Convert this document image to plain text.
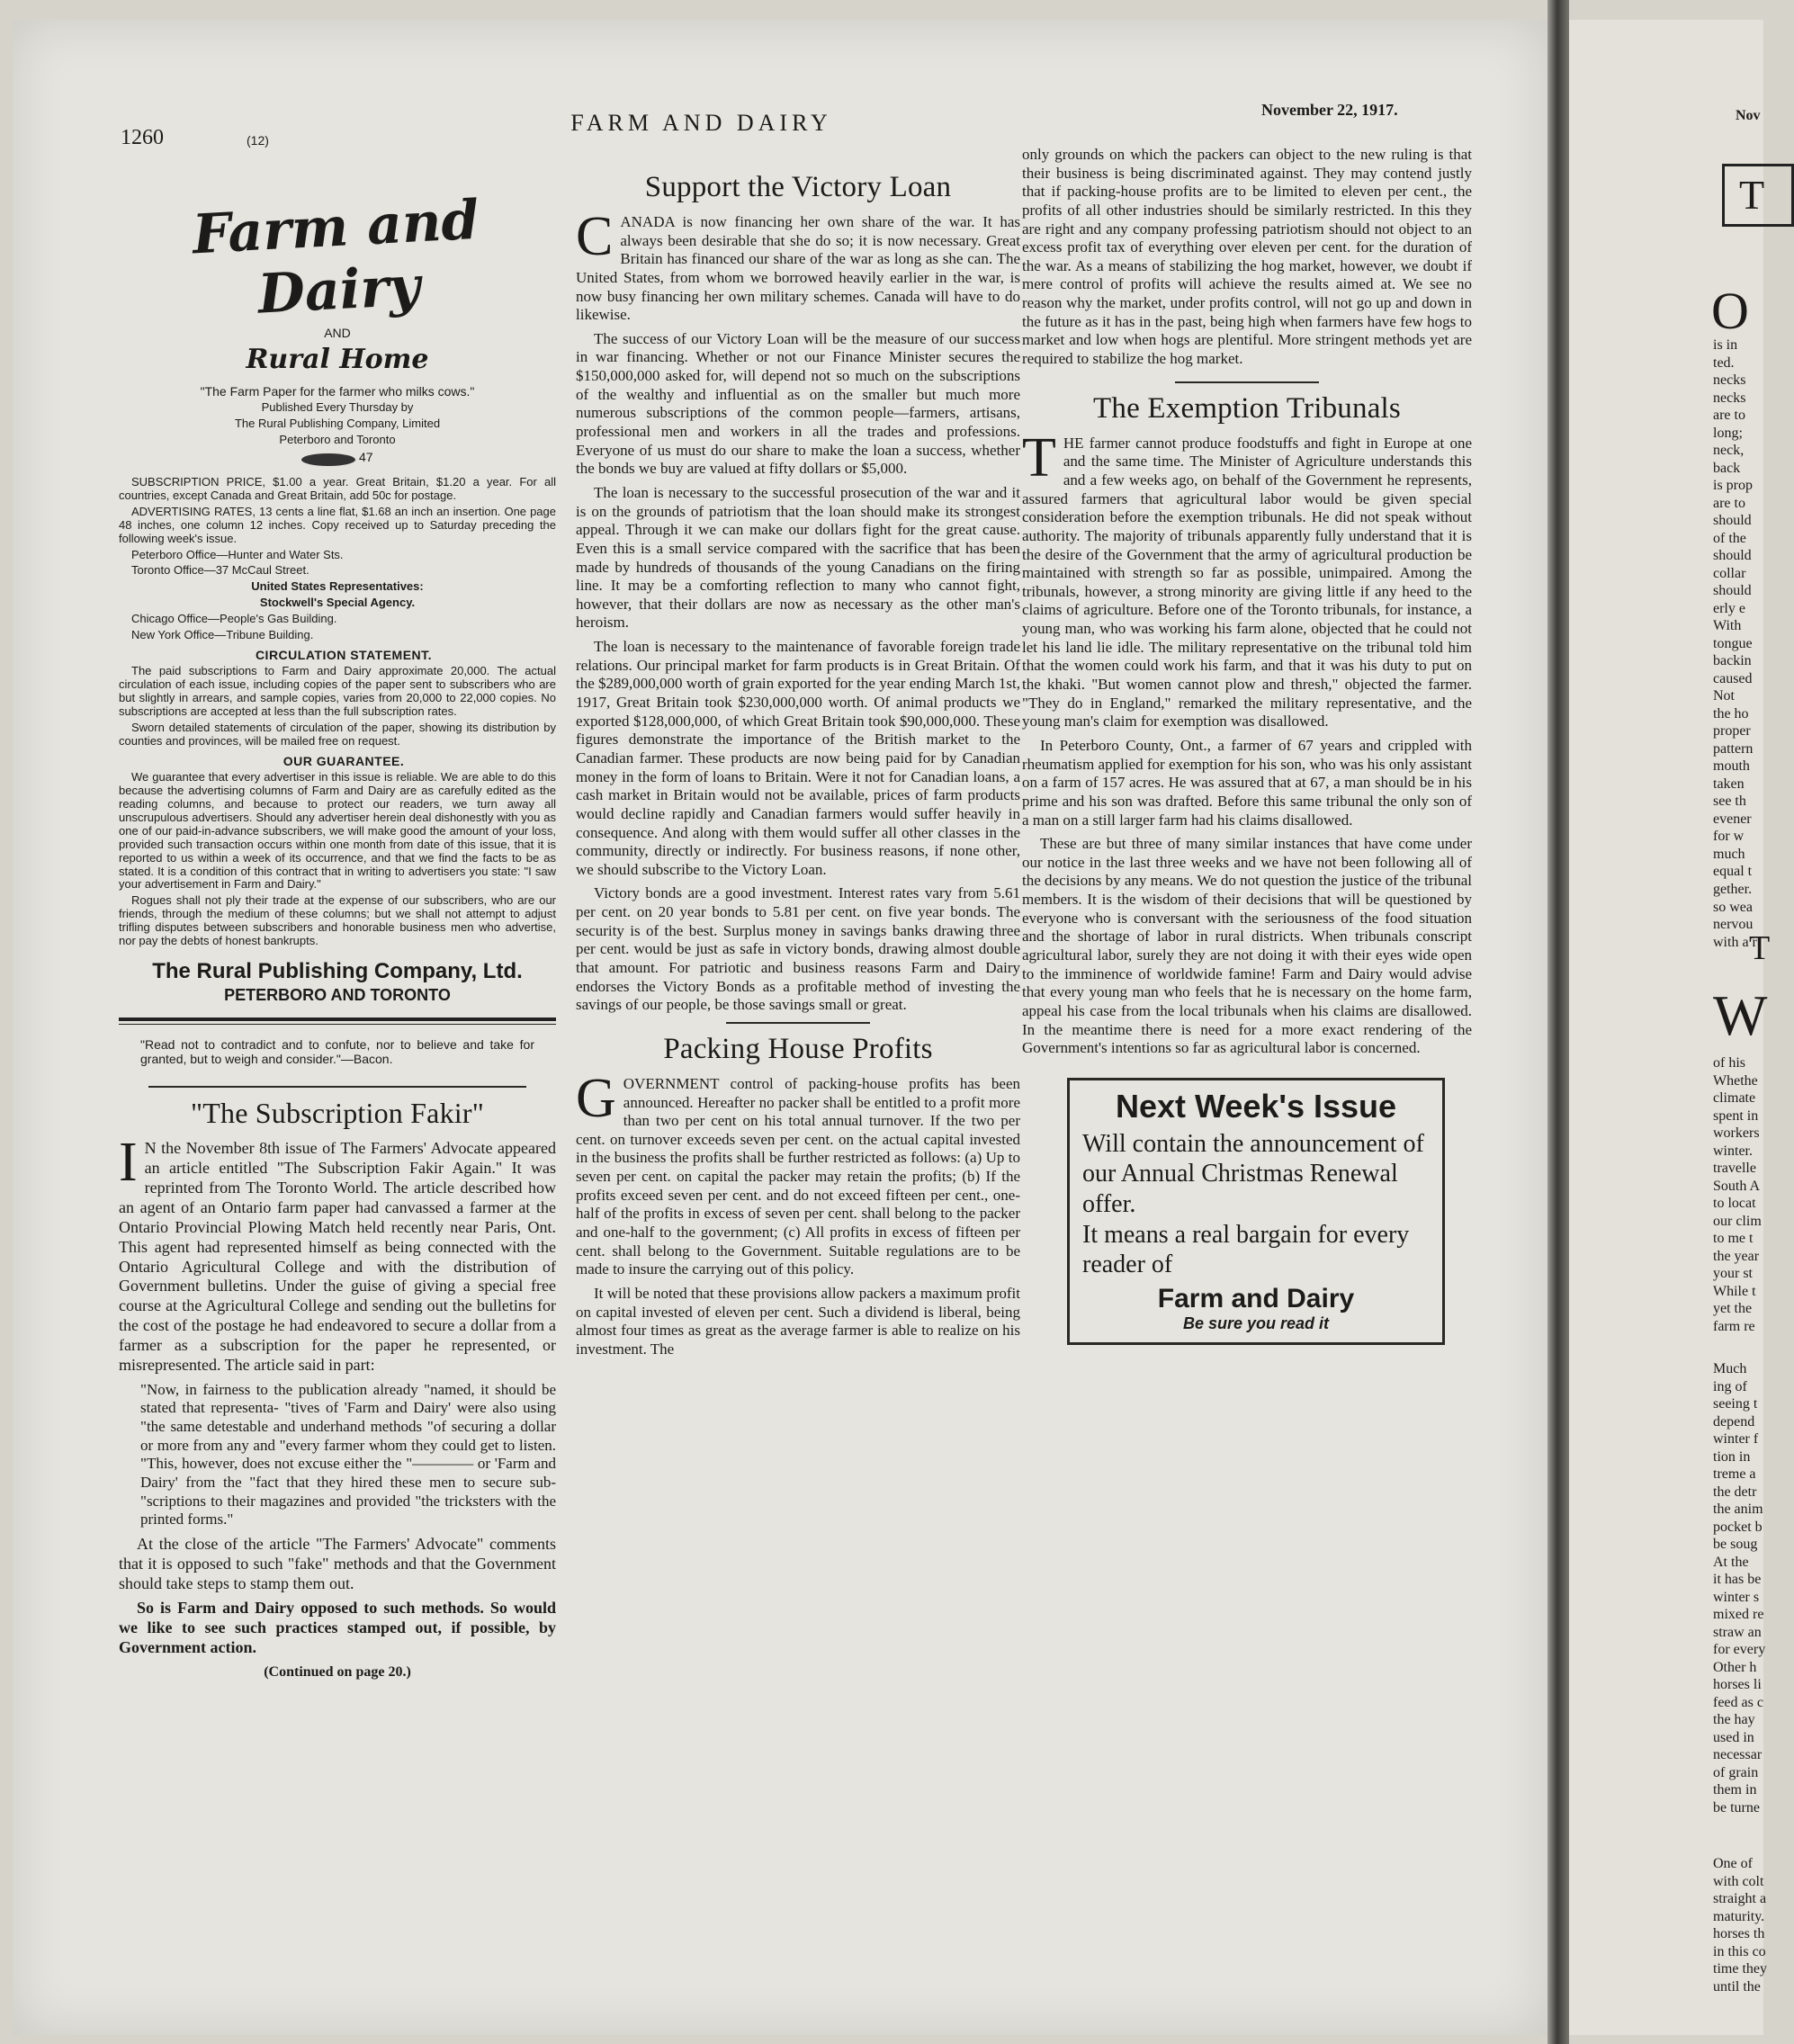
1260	(12)
FARM AND DAIRY	November 22, 1917.
Farm and Dairy
AND
Rural Home

"The Farm Paper for the farmer who milks cows."

Published Every Thursday by

The Rural Publishing Company, Limited

Peterboro and Toronto

47

SUBSCRIPTION PRICE, $1.00 a year. Great Britain, $1.20 a year. For all countries, except Canada and Great Britain, add 50c for postage.

ADVERTISING RATES, 13 cents a line flat, $1.68 an inch an insertion. One page 48 inches, one column 12 inches. Copy received up to Saturday preceding the following week's issue.

Peterboro Office—Hunter and Water Sts.

Toronto Office—37 McCaul Street.

United States Representatives:

Stockwell's Special Agency.

Chicago Office—People's Gas Building.

New York Office—Tribune Building.

CIRCULATION STATEMENT.

The paid subscriptions to Farm and Dairy approximate 20,000. The actual circulation of each issue, including copies of the paper sent to subscribers who are but slightly in arrears, and sample copies, varies from 20,000 to 22,000 copies. No subscriptions are accepted at less than the full subscription rates.

Sworn detailed statements of circulation of the paper, showing its distribution by counties and provinces, will be mailed free on request.

OUR GUARANTEE.

We guarantee that every advertiser in this issue is reliable. We are able to do this because the advertising columns of Farm and Dairy are as carefully edited as the reading columns, and because to protect our readers, we turn away all unscrupulous advertisers. Should any advertiser herein deal dishonestly with you as one of our paid-in-advance subscribers, we will make good the amount of your loss, provided such transaction occurs within one month from date of this issue, that it is reported to us within a week of its occurrence, and that we find the facts to be as stated. It is a condition of this contract that in writing to advertisers you state: "I saw your advertisement in Farm and Dairy."

Rogues shall not ply their trade at the expense of our subscribers, who are our friends, through the medium of these columns; but we shall not attempt to adjust trifling disputes between subscribers and honorable business men who advertise, nor pay the debts of honest bankrupts.

The Rural Publishing Company, Ltd.
PETERBORO AND TORONTO
"Read not to contradict and to confute, nor to believe and take for granted, but to weigh and consider."—Bacon.
"The Subscription Fakir"

I N the November 8th issue of The Farmers' Advocate appeared an article entitled "The Subscription Fakir Again." It was reprinted from The Toronto World. The article described how an agent of an Ontario farm paper had canvassed a farmer at the Ontario Provincial Plowing Match held recently near Paris, Ont. This agent had represented himself as being connected with the Ontario Agricultural College and with the distribution of Government bulletins. Under the guise of giving a special free course at the Agricultural College and sending out the bulletins for the cost of the postage he had endeavored to secure a dollar from a farmer as a subscription for the paper he represented, or misrepresented. The article said in part:

"Now, in fairness to the publication already "named, it should be stated that representa- "tives of 'Farm and Dairy' were also using "the same detestable and underhand methods "of securing a dollar or more from any and "every farmer whom they could get to listen. "This, however, does not excuse either the "———— or 'Farm and Dairy' from the "fact that they hired these men to secure sub- "scriptions to their magazines and provided "the tricksters with the printed forms."

At the close of the article "The Farmers' Advocate" comments that it is opposed to such "fake" methods and that the Government should take steps to stamp them out.

So is Farm and Dairy opposed to such methods. So would we like to see such practices stamped out, if possible, by Government action.

(Continued on page 20.)

Support the Victory Loan

CANADA is now financing her own share of the war. It has always been desirable that she do so; it is now necessary. Great Britain has financed our share of the war as long as she can. The United States, from whom we borrowed heavily earlier in the war, is now busy financing her own military schemes. Canada will have to do likewise.

The success of our Victory Loan will be the measure of our success in war financing. Whether or not our Finance Minister secures the $150,000,000 asked for, will depend not so much on the subscriptions of the wealthy and influential as on the smaller but much more numerous subscriptions of the common people—farmers, artisans, professional men and workers in all the trades and professions. Everyone of us must do our share to make the loan a success, whether the bonds we buy are valued at fifty dollars or $5,000.

The loan is necessary to the successful prosecution of the war and it is on the grounds of patriotism that the loan should make its strongest appeal. Through it we can make our dollars fight for the great cause. Even this is a small service compared with the sacrifice that has been made by hundreds of thousands of the young Canadians on the firing line. It may be a comforting reflection to many who cannot fight, however, that their dollars are now as necessary as the other man's heroism.

The loan is necessary to the maintenance of favorable foreign trade relations. Our principal market for farm products is in Great Britain. Of the $289,000,000 worth of grain exported for the year ending March 1st, 1917, Great Britain took $230,000,000 worth. Of animal products we exported $128,000,000, of which Great Britain took $90,000,000. These figures demonstrate the importance of the British market to the Canadian farmer. These products are now being paid for by Canadian money in the form of loans to Britain. Were it not for Canadian loans, a cash market in Britain would not be available, prices of farm products would decline rapidly and Canadian farmers would suffer heavily in consequence. And along with them would suffer all other classes in the community, directly or indirectly. For business reasons, if none other, we should subscribe to the Victory Loan.

Victory bonds are a good investment. Interest rates vary from 5.61 per cent. on 20 year bonds to 5.81 per cent. on five year bonds. The security is of the best. Surplus money in savings banks drawing three per cent. would be just as safe in victory bonds, drawing almost double that amount. For patriotic and business reasons Farm and Dairy endorses the Victory Bonds as a profitable method of investing the savings of our people, be those savings small or great.

Packing House Profits

GOVERNMENT control of packing-house profits has been announced. Hereafter no packer shall be entitled to a profit more than two per cent on his total annual turnover. If the two per cent. on turnover exceeds seven per cent. on the actual capital invested in the business the profits shall be further restricted as follows: (a) Up to seven per cent. on capital the packer may retain the profits; (b) If the profits exceed seven per cent. and do not exceed fifteen per cent., one-half of the profits in excess of seven per cent. shall belong to the packer and one-half to the government; (c) All profits in excess of fifteen per cent. shall belong to the Government. Suitable regulations are to be made to insure the carrying out of this policy.

It will be noted that these provisions allow packers a maximum profit on capital invested of eleven per cent. Such a dividend is liberal, being almost four times as great as the average farmer is able to realize on his investment. The

only grounds on which the packers can object to the new ruling is that their business is being discriminated against. They may contend justly that if packing-house profits are to be limited to eleven per cent., the profits of all other industries should be similarly restricted. In this they are right and any company professing patriotism should not object to an excess profit tax of everything over eleven per cent. for the duration of the war. As a means of stabilizing the hog market, however, we doubt if mere control of profits will achieve the results aimed at. We see no reason why the market, under profits control, will not go up and down in the future as it has in the past, being high when farmers have few hogs to market and low when hogs are plentiful. More stringent methods yet are required to stabilize the hog market.

The Exemption Tribunals

THE farmer cannot produce foodstuffs and fight in Europe at one and the same time. The Minister of Agriculture understands this and a few weeks ago, on behalf of the Government he represents, assured farmers that agricultural labor would be given special consideration before the exemption tribunals. He did not speak without authority. The majority of tribunals apparently fully understand that it is the desire of the Government that the army of agricultural production be maintained with strength so far as possible, unimpaired. Among the tribunals, however, a strong minority are giving little if any heed to the claims of agriculture. Before one of the Toronto tribunals, for instance, a young man, who was working his farm alone, objected that he could not let his land lie idle. The military representative on the tribunal told him that the women could work his farm, and that it was his duty to put on the khaki. "But women cannot plow and thresh," objected the farmer. "They do in England," remarked the military representative, and the young man's claim for exemption was disallowed.

In Peterboro County, Ont., a farmer of 67 years and crippled with rheumatism applied for exemption for his son, who was his only assistant on a farm of 157 acres. He was assured that at 67, a man should be in his prime and his son was drafted. Before this same tribunal the only son of a man on a still larger farm had his claims disallowed.

These are but three of many similar instances that have come under our notice in the last three weeks and we have not been following all of the decisions by any means. We do not question the justice of the tribunal members. It is the wisdom of their decisions that will be questioned by everyone who is conversant with the seriousness of the food situation and the shortage of labor in rural districts. When tribunals conscript agricultural labor, surely they are not doing it with their eyes wide open to the imminence of worldwide famine! Farm and Dairy would advise that every young man who feels that he is necessary on the home farm, appeal his case from the local tribunals when his claims are disallowed. In the meantime there is need for a more exact rendering of the Government's intentions so far as agricultural labor is concerned.

Next Week's Issue
Will contain the announcement of our Annual Christmas Renewal offer.
It means a real bargain for every reader of
Farm and Dairy
Be sure you read it
Nov
T
O
is in
ted.
necks
necks
are to
long;
neck,
back
is prop
are to
should
of the
should
collar
should
erly e
With
tongue
backin
caused
Not
the ho
proper
pattern
mouth
taken
see th
evener
for w
much
equal t
gether.
so wea
nervou
with a r
T
W
of his
Whethe
climate
spent in
workers
winter.
travelle
South A
to locat
our clim
to me t
the year
your st
While t
yet the
farm re
Much
ing of
seeing t
depend
winter f
tion in
treme a
the detr
the anim
pocket b
be soug
At the
it has be
winter s
mixed re
straw an
for every
Other h
horses li
feed as c
the hay
used in
necessar
of grain
them in
be turne
One of
with colt
straight a
maturity.
horses th
in this co
time they
until the
